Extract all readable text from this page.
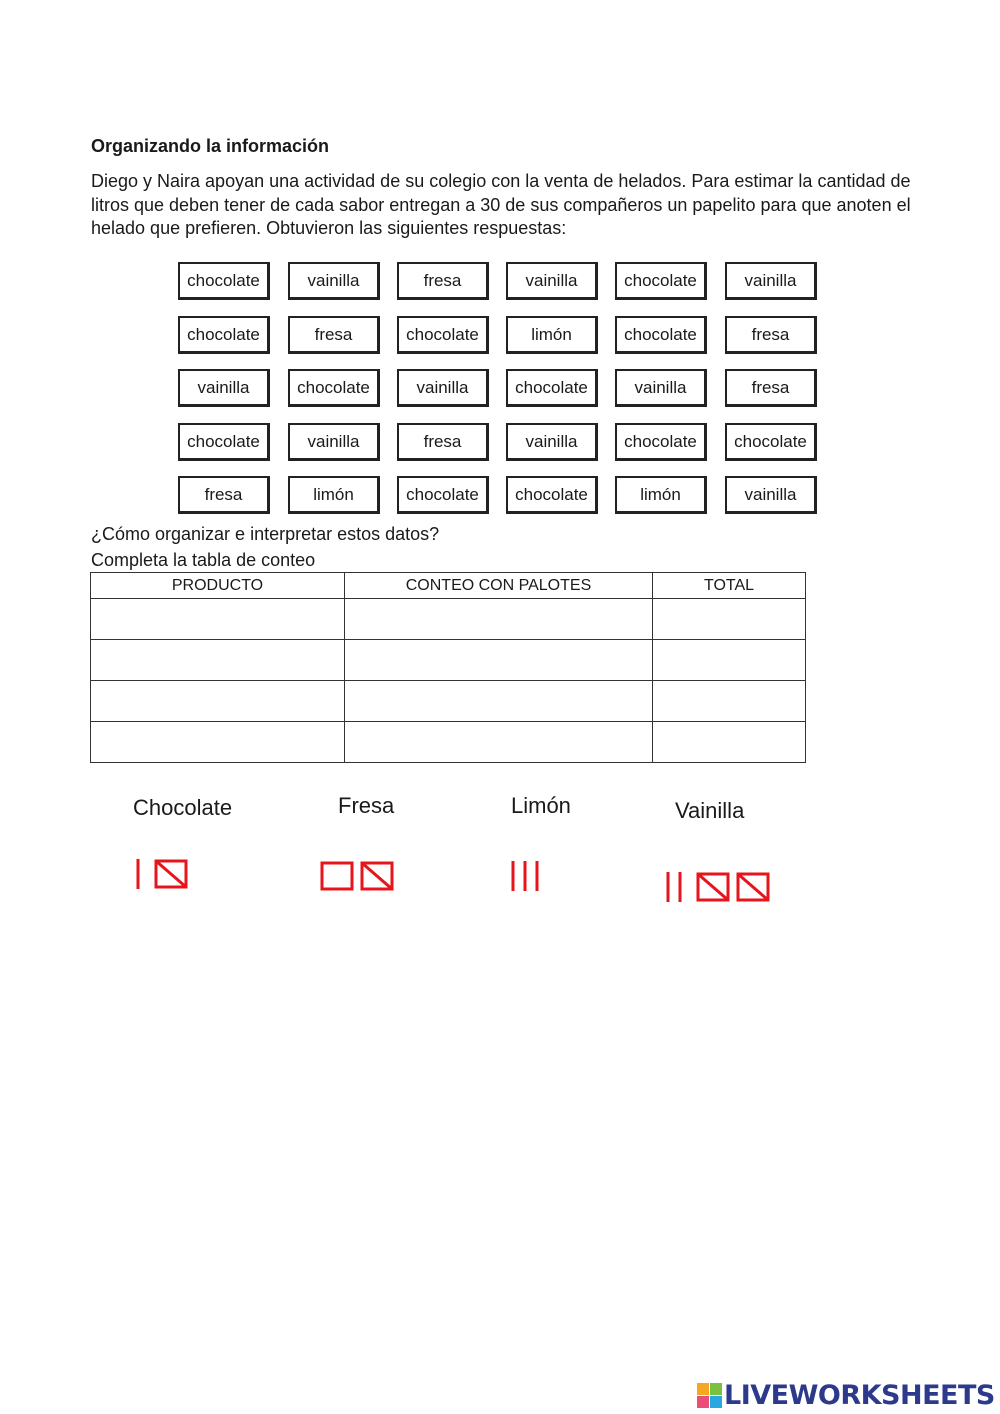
Organizando la información

Diego y Naira apoyan una actividad de su colegio con la venta de helados. Para estimar la cantidad de litros que deben tener de cada sabor entregan a 30 de sus compañeros un papelito para que anoten el helado que prefieren. Obtuvieron las siguientes respuestas:

chocolate	vainilla	fresa	vainilla	chocolate	vainilla
chocolate	fresa	chocolate	limón	chocolate	fresa
vainilla	chocolate	vainilla	chocolate	vainilla	fresa
chocolate	vainilla	fresa	vainilla	chocolate	chocolate
fresa	limón	chocolate	chocolate	limón	vainilla
¿Cómo organizar e interpretar estos datos?
Completa la tabla de conteo
PRODUCTO	CONTEO CON PALOTES	TOTAL

Chocolate	Fresa	Limón	Vainilla
LIVEWORKSHEETS
